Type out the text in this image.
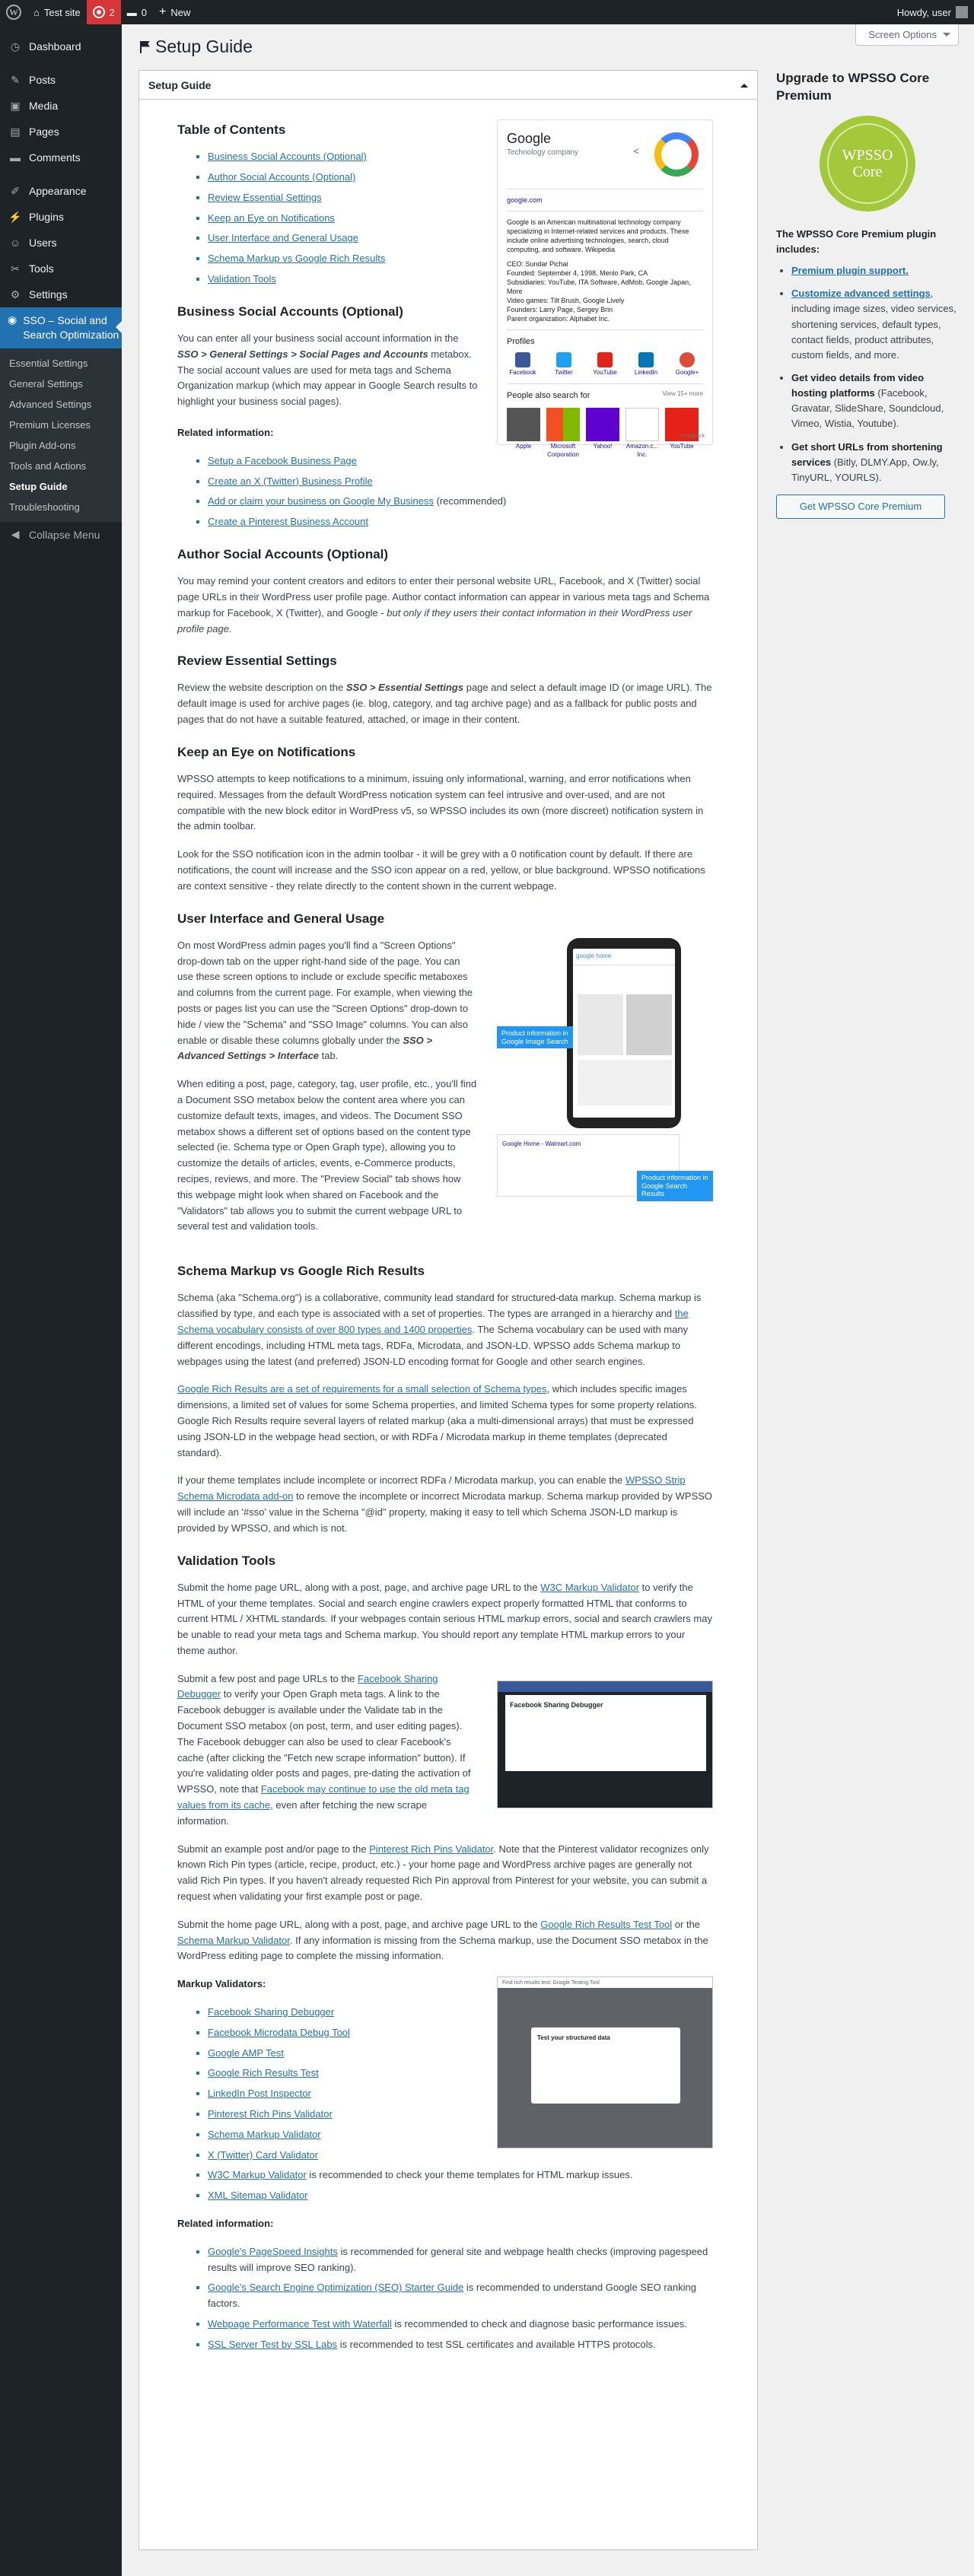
W	⌂ Test site	2 ▬ 0 + New	Howdy, user
◷ Dashboard
✎ Posts
▣ Media
▤ Pages
▬ Comments
✐ Appearance
⚡ Plugins
☺ Users
✂ Tools
⚙ Settings
◉ SSO – Social and Search Optimization
Essential Settings
General Settings
Advanced Settings
Premium Licenses
Plugin Add-ons
Tools and Actions
Setup Guide
Troubleshooting
◀ Collapse Menu
Screen Options
Setup Guide
Setup Guide
Google
Technology company	<
google.com
Google is an American multinational technology company specializing in Internet-related services and products. These include online advertising technologies, search, cloud computing, and software. Wikipedia
CEO: Sundar Pichai
Founded: September 4, 1998, Menlo Park, CA
Subsidiaries: YouTube, ITA Software, AdMob, Google Japan, More
Video games: Tilt Brush, Google Lively
Founders: Larry Page, Sergey Brin
Parent organization: Alphabet Inc.
Profiles
Facebook	Twitter	YouTube	LinkedIn	Google+
People also search for	View 15+ more
Apple	Microsoft Corporation
Yahoo!	Amazon.c... Inc.
YouTube
Feedback
Table of Contents
▪ Business Social Accounts (Optional)
▪ Author Social Accounts (Optional)
▪ Review Essential Settings
▪ Keep an Eye on Notifications
▪ User Interface and General Usage
▪ Schema Markup vs Google Rich Results
▪ Validation Tools
Business Social Accounts (Optional)

You can enter all your business social account information in the SSO > General Settings > Social Pages and Accounts metabox. The social account values are used for meta tags and Schema Organization markup (which may appear in Google Search results to highlight your business social pages).

Related information:

▪ Setup a Facebook Business Page
▪ Create an X (Twitter) Business Profile
▪ Add or claim your business on Google My Business (recommended)
▪ Create a Pinterest Business Account
Author Social Accounts (Optional)

You may remind your content creators and editors to enter their personal website URL, Facebook, and X (Twitter) social page URLs in their WordPress user profile page. Author contact information can appear in various meta tags and Schema markup for Facebook, X (Twitter), and Google - but only if they users their contact information in their WordPress user profile page.

Review Essential Settings

Review the website description on the SSO > Essential Settings page and select a default image ID (or image URL). The default image is used for archive pages (ie. blog, category, and tag archive page) and as a fallback for public posts and pages that do not have a suitable featured, attached, or image in their content.

Keep an Eye on Notifications

WPSSO attempts to keep notifications to a minimum, issuing only informational, warning, and error notifications when required. Messages from the default WordPress notication system can feel intrusive and over-used, and are not compatible with the new block editor in WordPress v5, so WPSSO includes its own (more discreet) notification system in the admin toolbar.

Look for the SSO notification icon in the admin toolbar - it will be grey with a 0 notification count by default. If there are notifications, the count will increase and the SSO icon appear on a red, yellow, or blue background. WPSSO notifications are context sensitive - they relate directly to the content shown in the current webpage.

User Interface and General Usage
google home
Product information in Google Image Search
Google Home - Walmart.com
Product information in Google Search Results

On most WordPress admin pages you'll find a "Screen Options" drop-down tab on the upper right-hand side of the page. You can use these screen options to include or exclude specific metaboxes and columns from the current page. For example, when viewing the posts or pages list you can use the "Screen Options" drop-down to hide / view the "Schema" and "SSO Image" columns. You can also enable or disable these columns globally under the SSO > Advanced Settings > Interface tab.

When editing a post, page, category, tag, user profile, etc., you'll find a Document SSO metabox below the content area where you can customize default texts, images, and videos. The Document SSO metabox shows a different set of options based on the content type selected (ie. Schema type or Open Graph type), allowing you to customize the details of articles, events, e-Commerce products, recipes, reviews, and more. The "Preview Social" tab shows how this webpage might look when shared on Facebook and the "Validators" tab allows you to submit the current webpage URL to several test and validation tools.

Schema Markup vs Google Rich Results

Schema (aka "Schema.org") is a collaborative, community lead standard for structured-data markup. Schema markup is classified by type, and each type is associated with a set of properties. The types are arranged in a hierarchy and the Schema vocabulary consists of over 800 types and 1400 properties. The Schema vocabulary can be used with many different encodings, including HTML meta tags, RDFa, Microdata, and JSON-LD. WPSSO adds Schema markup to webpages using the latest (and preferred) JSON-LD encoding format for Google and other search engines.

Google Rich Results are a set of requirements for a small selection of Schema types, which includes specific images dimensions, a limited set of values for some Schema properties, and limited Schema types for some property relations. Google Rich Results require several layers of related markup (aka a multi-dimensional arrays) that must be expressed using JSON-LD in the webpage head section, or with RDFa / Microdata markup in theme templates (deprecated standard).

If your theme templates include incomplete or incorrect RDFa / Microdata markup, you can enable the WPSSO Strip Schema Microdata add-on to remove the incomplete or incorrect Microdata markup. Schema markup provided by WPSSO will include an '#sso' value in the Schema "@id" property, making it easy to tell which Schema JSON-LD markup is provided by WPSSO, and which is not.

Validation Tools

Submit the home page URL, along with a post, page, and archive page URL to the W3C Markup Validator to verify the HTML of your theme templates. Social and search engine crawlers expect properly formatted HTML that conforms to current HTML / XHTML standards. If your webpages contain serious HTML markup errors, social and search crawlers may be unable to read your meta tags and Schema markup. You should report any template HTML markup errors to your theme author.

Facebook Sharing Debugger

Submit a few post and page URLs to the Facebook Sharing Debugger to verify your Open Graph meta tags. A link to the Facebook debugger is available under the Validate tab in the Document SSO metabox (on post, term, and user editing pages). The Facebook debugger can also be used to clear Facebook's cache (after clicking the "Fetch new scrape information" button). If you're validating older posts and pages, pre-dating the activation of WPSSO, note that Facebook may continue to use the old meta tag values from its cache, even after fetching the new scrape information.

Submit an example post and/or page to the Pinterest Rich Pins Validator. Note that the Pinterest validator recognizes only known Rich Pin types (article, recipe, product, etc.) - your home page and WordPress archive pages are generally not valid Rich Pin types. If you haven't already requested Rich Pin approval from Pinterest for your website, you can submit a request when validating your first example post or page.

Submit the home page URL, along with a post, page, and archive page URL to the Google Rich Results Test Tool or the Schema Markup Validator. If any information is missing from the Schema markup, use the Document SSO metabox in the WordPress editing page to complete the missing information.

Find rich results test: Google Testing Tool
Test your structured data

Markup Validators:

▪ Facebook Sharing Debugger
▪ Facebook Microdata Debug Tool
▪ Google AMP Test
▪ Google Rich Results Test
▪ LinkedIn Post Inspector
▪ Pinterest Rich Pins Validator
▪ Schema Markup Validator
▪ X (Twitter) Card Validator
▪ W3C Markup Validator is recommended to check your theme templates for HTML markup issues.
▪ XML Sitemap Validator

Related information:

▪ Google's PageSpeed Insights is recommended for general site and webpage health checks (improving pagespeed results will improve SEO ranking).
▪ Google's Search Engine Optimization (SEO) Starter Guide is recommended to understand Google SEO ranking factors.
▪ Webpage Performance Test with Waterfall is recommended to check and diagnose basic performance issues.
▪ SSL Server Test by SSL Labs is recommended to test SSL certificates and available HTTPS protocols.
Upgrade to WPSSO Core Premium
WPSSO
Core

The WPSSO Core Premium plugin includes:

• Premium plugin support.
• Customize advanced settings, including image sizes, video services, shortening services, default types, contact fields, product attributes, custom fields, and more.
• Get video details from video hosting platforms (Facebook, Gravatar, SlideShare, Soundcloud, Vimeo, Wistia, Youtube).
• Get short URLs from shortening services (Bitly, DLMY.App, Ow.ly, TinyURL, YOURLS).
Get WPSSO Core Premium
